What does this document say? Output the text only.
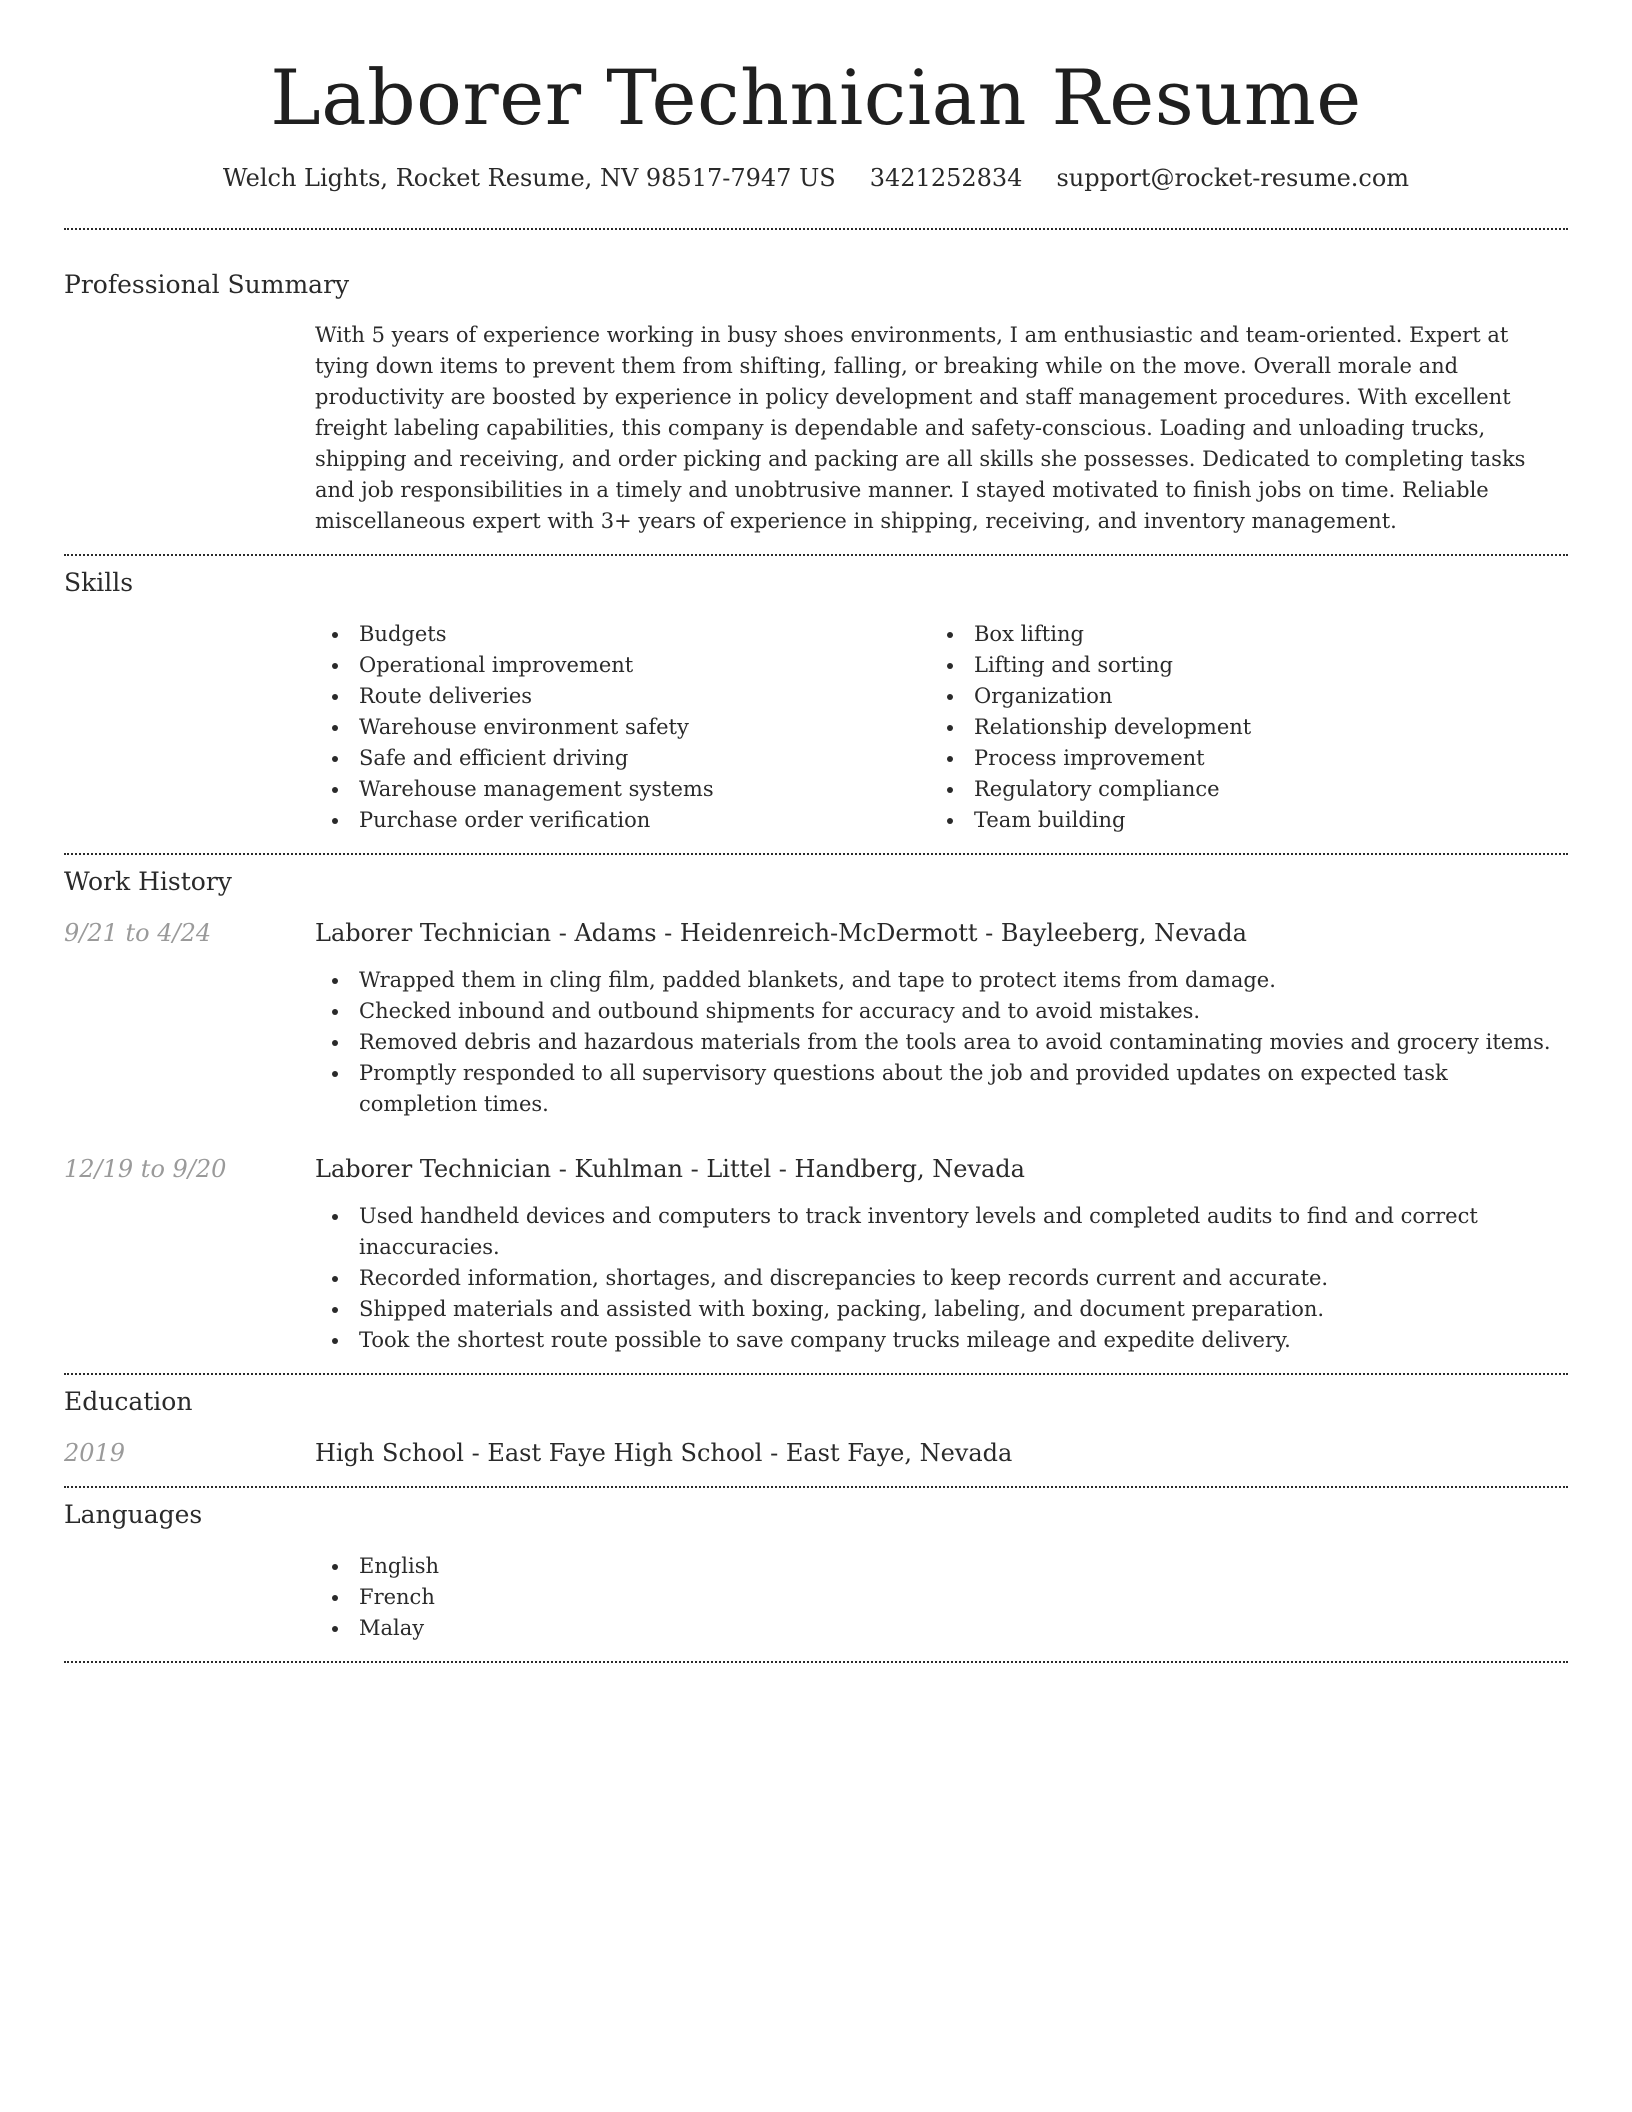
Laborer Technician Resume
Welch Lights, Rocket Resume, NV 98517-7947 US 3421252834 support@rocket-resume.com
Professional Summary

With 5 years of experience working in busy shoes environments, I am enthusiastic and team-oriented. Expert at tying down items to prevent them from shifting, falling, or breaking while on the move. Overall morale and productivity are boosted by experience in policy development and staff management procedures. With excellent freight labeling capabilities, this company is dependable and safety-conscious. Loading and unloading trucks, shipping and receiving, and order picking and packing are all skills she possesses. Dedicated to completing tasks and job responsibilities in a timely and unobtrusive manner. I stayed motivated to finish jobs on time. Reliable miscellaneous expert with 3+ years of experience in shipping, receiving, and inventory management.

Skills
Budgets
Operational improvement
Route deliveries
Warehouse environment safety
Safe and efficient driving
Warehouse management systems
Purchase order verification
Box lifting
Lifting and sorting
Organization
Relationship development
Process improvement
Regulatory compliance
Team building
Work History
9/21 to 4/24	Laborer Technician - Adams - Heidenreich-McDermott - Bayleeberg, Nevada
Wrapped them in cling film, padded blankets, and tape to protect items from damage.
Checked inbound and outbound shipments for accuracy and to avoid mistakes.
Removed debris and hazardous materials from the tools area to avoid contaminating movies and grocery items.
Promptly responded to all supervisory questions about the job and provided updates on expected task completion times.
12/19 to 9/20	Laborer Technician - Kuhlman - Littel - Handberg, Nevada
Used handheld devices and computers to track inventory levels and completed audits to find and correct inaccuracies.
Recorded information, shortages, and discrepancies to keep records current and accurate.
Shipped materials and assisted with boxing, packing, labeling, and document preparation.
Took the shortest route possible to save company trucks mileage and expedite delivery.
Education
2019	High School - East Faye High School - East Faye, Nevada
Languages
English
French
Malay
